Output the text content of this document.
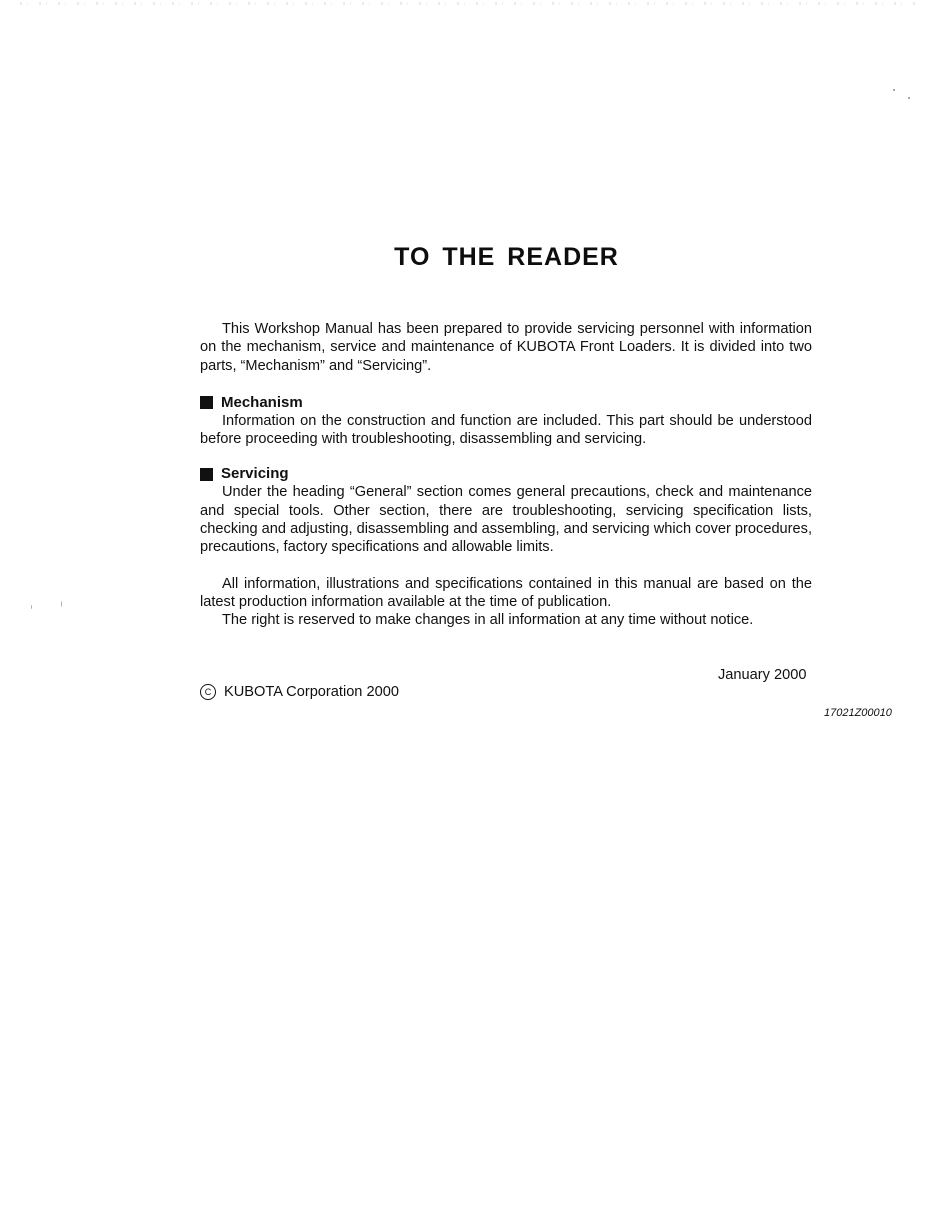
TO THE READER

This Workshop Manual has been prepared to provide servicing personnel with information on the mechanism, service and maintenance of KUBOTA Front Loaders. It is divided into two parts, “Mechanism” and “Servicing”.

Mechanism

Information on the construction and function are included. This part should be understood before proceeding with troubleshooting, disassembling and servicing.

Servicing

Under the heading “General” section comes general precautions, check and maintenance and special tools. Other section, there are troubleshooting, servicing specification lists, checking and adjusting, disassembling and assembling, and servicing which cover procedures, precautions, factory specifications and allowable limits.

All information, illustrations and specifications contained in this manual are based on the latest production information available at the time of publication.

The right is reserved to make changes in all information at any time without notice.

January 2000
C KUBOTA Corporation 2000
17021Z00010
